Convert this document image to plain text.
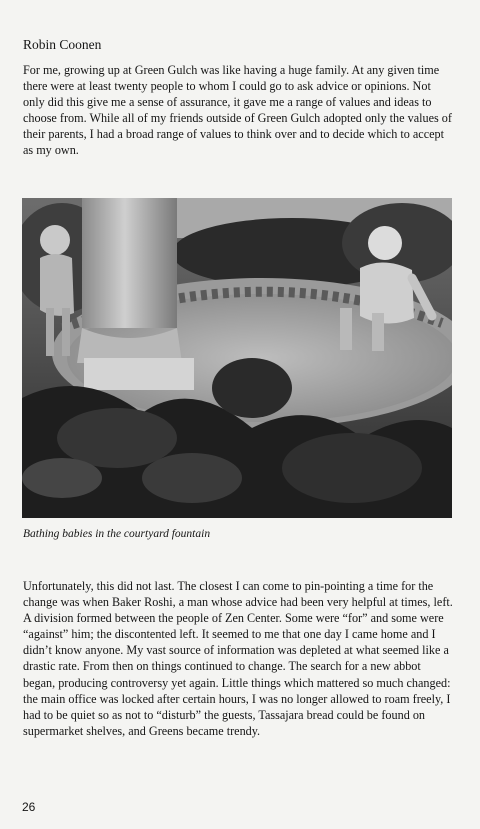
Robin Coonen

For me, growing up at Green Gulch was like having a huge family. At any given time there were at least twenty people to whom I could go to ask advice or opinions. Not only did this give me a sense of assurance, it gave me a range of values and ideas to choose from. While all of my friends outside of Green Gulch adopted only the values of their parents, I had a broad range of values to think over and to decide which to accept as my own.

Bathing babies in the courtyard fountain

Unfortunately, this did not last. The closest I can come to pin-pointing a time for the change was when Baker Roshi, a man whose advice had been very helpful at times, left. A division formed between the people of Zen Center. Some were “for” and some were “against” him; the discontented left. It seemed to me that one day I came home and I didn’t know anyone. My vast source of information was depleted at what seemed like a drastic rate. From then on things continued to change. The search for a new abbot began, producing controversy yet again. Little things which mattered so much changed: the main office was locked after certain hours, I was no longer allowed to roam freely, I had to be quiet so as not to “disturb” the guests, Tassajara bread could be found on supermarket shelves, and Greens became trendy.

26
